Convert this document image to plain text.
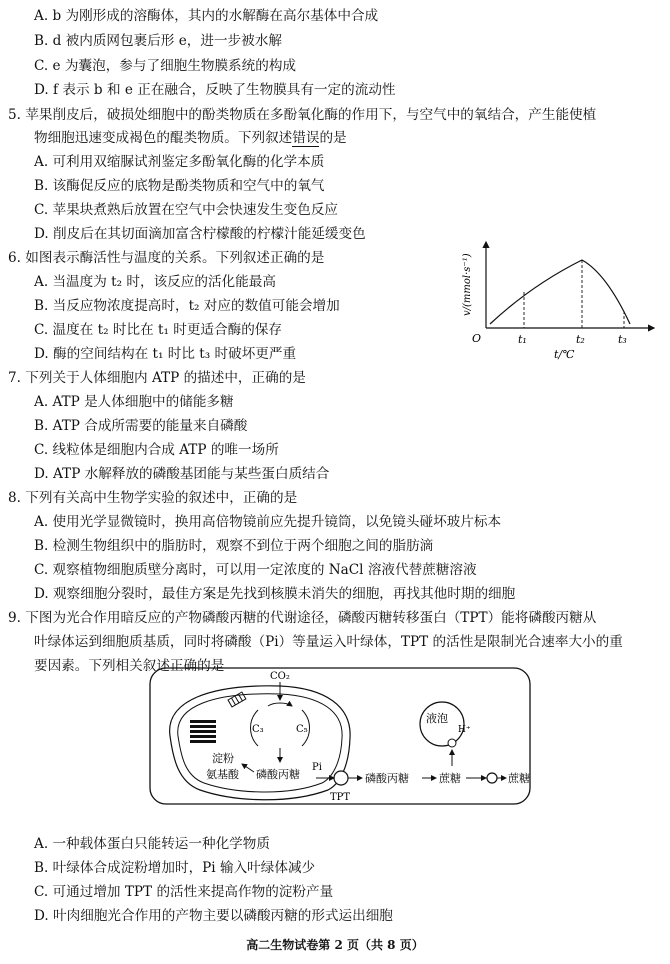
A. b 为刚形成的溶酶体，其内的水解酶在高尔基体中合成
B. d 被内质网包裹后形 e，进一步被水解
C. e 为囊泡，参与了细胞生物膜系统的构成
D. f 表示 b 和 e 正在融合，反映了生物膜具有一定的流动性
5. 苹果削皮后，破损处细胞中的酚类物质在多酚氧化酶的作用下，与空气中的氧结合，产生能使植
物细胞迅速变成褐色的醌类物质。下列叙述错误的是
A. 可利用双缩脲试剂鉴定多酚氧化酶的化学本质
B. 该酶促反应的底物是酚类物质和空气中的氧气
C. 苹果块煮熟后放置在空气中会快速发生变色反应
D. 削皮后在其切面滴加富含柠檬酸的柠檬汁能延缓变色
6. 如图表示酶活性与温度的关系。下列叙述正确的是
A. 当温度为 t₂ 时，该反应的活化能最高
B. 当反应物浓度提高时，t₂ 对应的数值可能会增加
C. 温度在 t₂ 时比在 t₁ 时更适合酶的保存
D. 酶的空间结构在 t₁ 时比 t₃ 时破坏更严重
7. 下列关于人体细胞内 ATP 的描述中，正确的是
A. ATP 是人体细胞中的储能多糖
B. ATP 合成所需要的能量来自磷酸
C. 线粒体是细胞内合成 ATP 的唯一场所
D. ATP 水解释放的磷酸基团能与某些蛋白质结合
8. 下列有关高中生物学实验的叙述中，正确的是
A. 使用光学显微镜时，换用高倍物镜前应先提升镜筒，以免镜头碰坏玻片标本
B. 检测生物组织中的脂肪时，观察不到位于两个细胞之间的脂肪滴
C. 观察植物细胞质壁分离时，可以用一定浓度的 NaCl 溶液代替蔗糖溶液
D. 观察细胞分裂时，最佳方案是先找到核膜未消失的细胞，再找其他时期的细胞
9. 下图为光合作用暗反应的产物磷酸丙糖的代谢途径，磷酸丙糖转移蛋白（TPT）能将磷酸丙糖从
叶绿体运到细胞质基质，同时将磷酸（Pi）等量运入叶绿体，TPT 的活性是限制光合速率大小的重
要因素。下列相关叙述正确的是
A. 一种载体蛋白只能转运一种化学物质
B. 叶绿体合成淀粉增加时，Pi 输入叶绿体减少
C. 可通过增加 TPT 的活性来提高作物的淀粉产量
D. 叶肉细胞光合作用的产物主要以磷酸丙糖的形式运出细胞
v/(mmol·s⁻¹)
O	t₁	t₂	t₃
t/℃
CO₂
C₃	C₅
淀粉
氨基酸 磷酸丙糖
Pi
TPT
磷酸丙糖	蔗糖
液泡
H⁺
蔗糖
高二生物试卷第 2 页（共 8 页）
